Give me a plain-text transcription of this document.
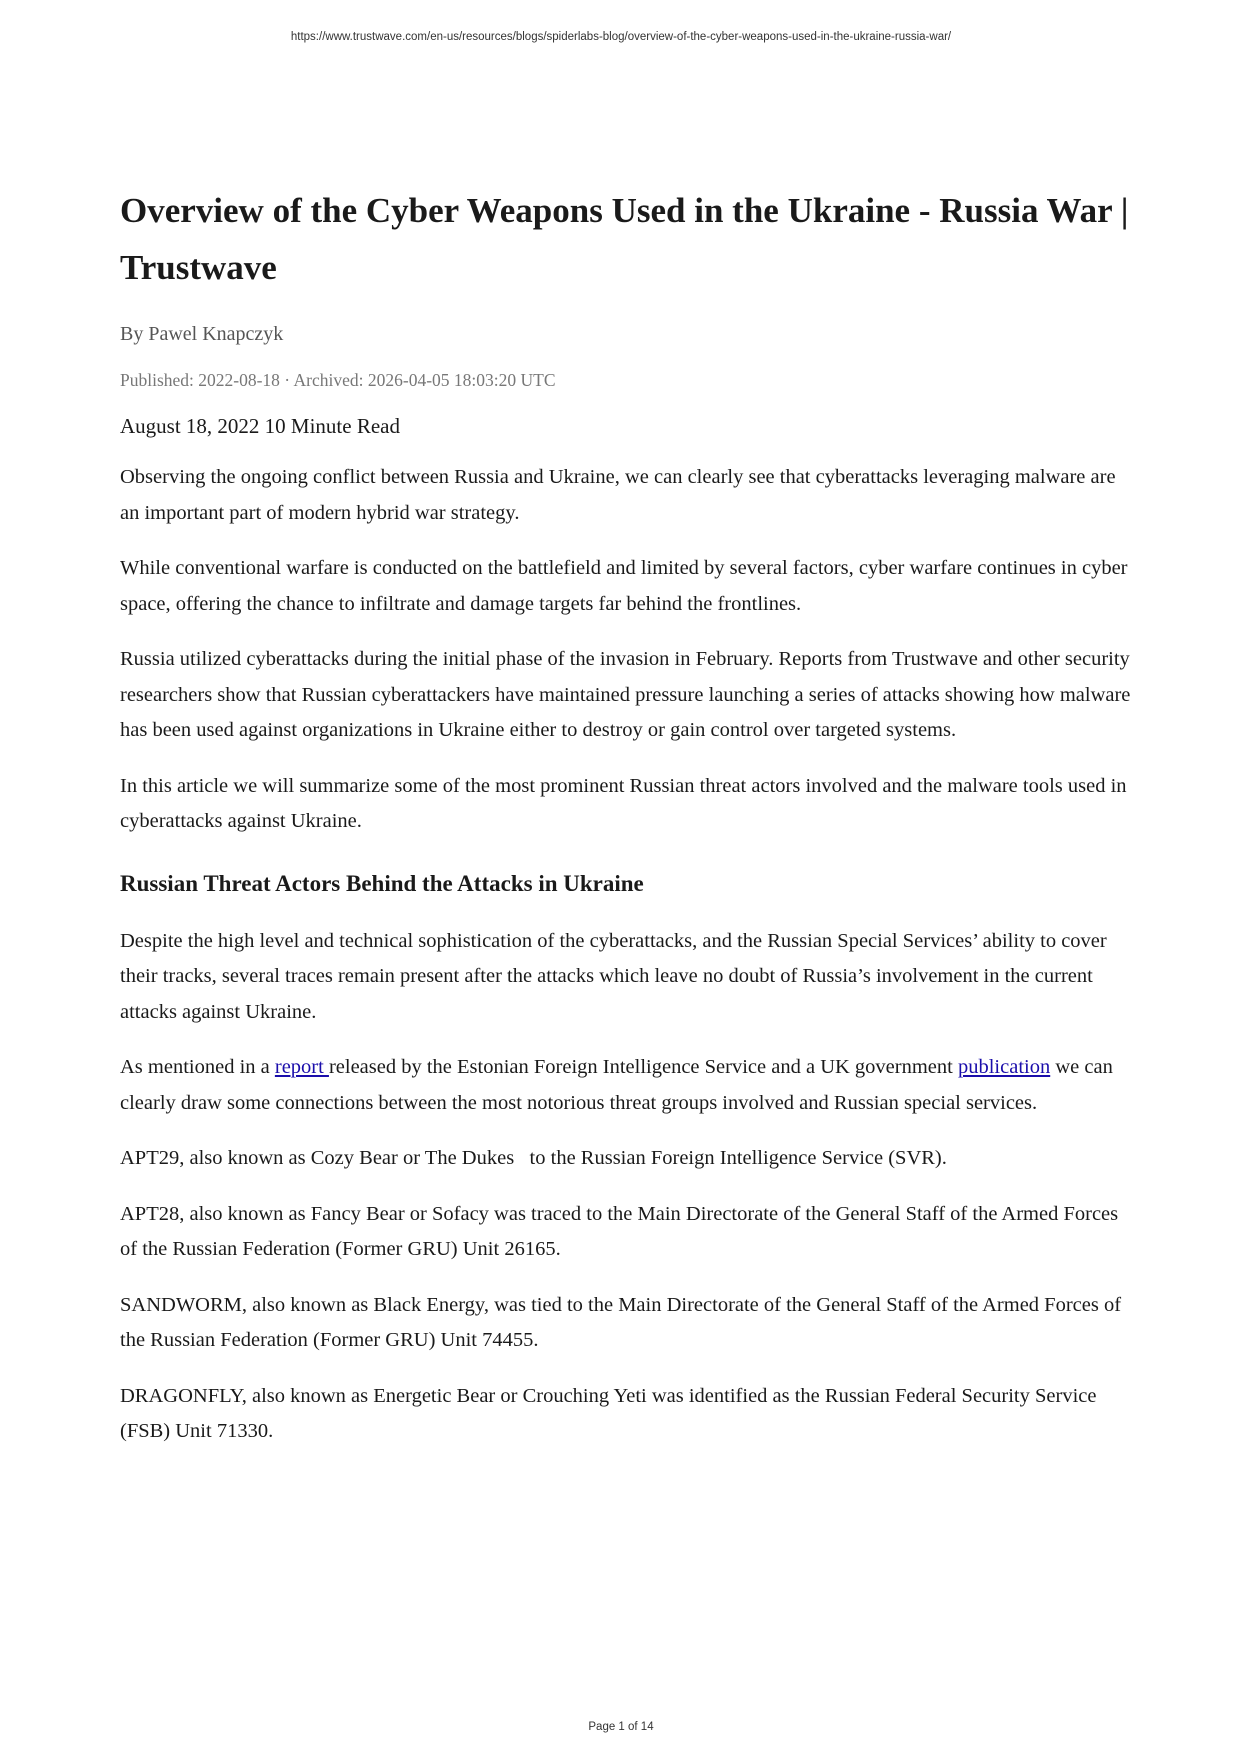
https://www.trustwave.com/en-us/resources/blogs/spiderlabs-blog/overview-of-the-cyber-weapons-used-in-the-ukraine-russia-war/
Overview of the Cyber Weapons Used in the Ukraine - Russia War | Trustwave

By Pawel Knapczyk

Published: 2022-08-18 · Archived: 2026-04-05 18:03:20 UTC

August 18, 2022 10 Minute Read

Observing the ongoing conflict between Russia and Ukraine, we can clearly see that cyberattacks leveraging malware are an important part of modern hybrid war strategy.

While conventional warfare is conducted on the battlefield and limited by several factors, cyber warfare continues in cyber space, offering the chance to infiltrate and damage targets far behind the frontlines.

Russia utilized cyberattacks during the initial phase of the invasion in February. Reports from Trustwave and other security researchers show that Russian cyberattackers have maintained pressure launching a series of attacks showing how malware has been used against organizations in Ukraine either to destroy or gain control over targeted systems.

In this article we will summarize some of the most prominent Russian threat actors involved and the malware tools used in cyberattacks against Ukraine.

Russian Threat Actors Behind the Attacks in Ukraine

Despite the high level and technical sophistication of the cyberattacks, and the Russian Special Services’ ability to cover their tracks, several traces remain present after the attacks which leave no doubt of Russia’s involvement in the current attacks against Ukraine.

As mentioned in a report released by the Estonian Foreign Intelligence Service and a UK government publication we can clearly draw some connections between the most notorious threat groups involved and Russian special services.

APT29, also known as Cozy Bear or The Dukes   to the Russian Foreign Intelligence Service (SVR).

APT28, also known as Fancy Bear or Sofacy was traced to the Main Directorate of the General Staff of the Armed Forces of the Russian Federation (Former GRU) Unit 26165.

SANDWORM, also known as Black Energy, was tied to the Main Directorate of the General Staff of the Armed Forces of the Russian Federation (Former GRU) Unit 74455.

DRAGONFLY, also known as Energetic Bear or Crouching Yeti was identified as the Russian Federal Security Service (FSB) Unit 71330.

Page 1 of 14
